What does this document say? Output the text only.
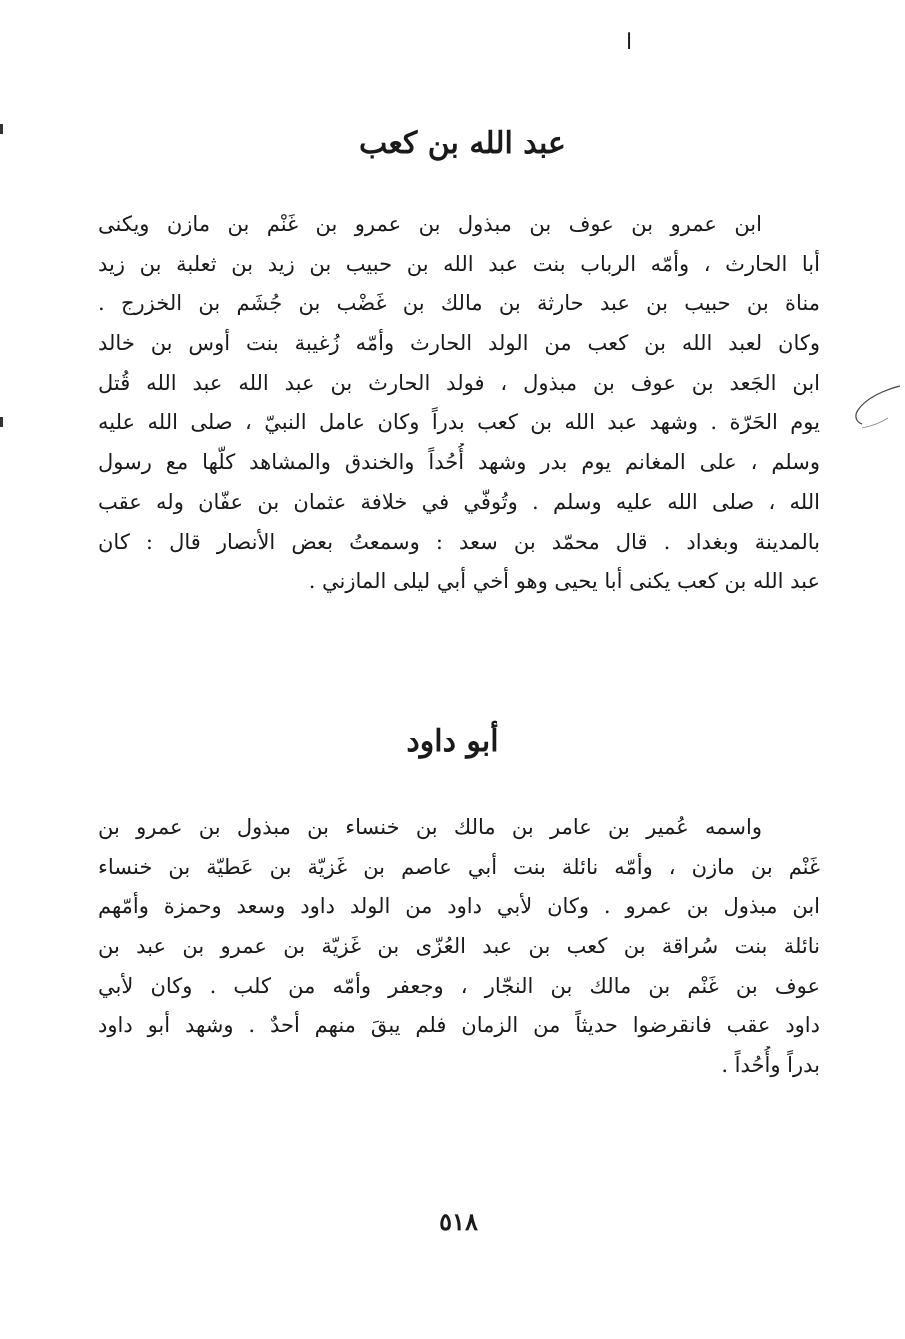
ا
عبد الله بن كعب
ابن عمرو بن عوف بن مبذول بن عمرو بن غَنْم بن مازن ويكنى
أبا الحارث ، وأمّه الرباب بنت عبد الله بن حبيب بن زيد بن ثعلبة بن زيد
مناة بن حبيب بن عبد حارثة بن مالك بن غَضْب بن جُشَم بن الخزرج .
وكان لعبد الله بن كعب من الولد الحارث وأمّه زُغيبة بنت أوس بن خالد
ابن الجَعد بن عوف بن مبذول ، فولد الحارث بن عبد الله عبد الله قُتل
يوم الحَرّة . وشهد عبد الله بن كعب بدراً وكان عامل النبيّ ، صلى الله عليه
وسلم ، على المغانم يوم بدر وشهد أُحُداً والخندق والمشاهد كلّها مع رسول
الله ، صلى الله عليه وسلم . وتُوفّي في خلافة عثمان بن عفّان وله عقب
بالمدينة وبغداد . قال محمّد بن سعد : وسمعتُ بعض الأنصار قال : كان
عبد الله بن كعب يكنى أبا يحيى وهو أخي أبي ليلى المازني .
أبو داود
واسمه عُمير بن عامر بن مالك بن خنساء بن مبذول بن عمرو بن
غَنْم بن مازن ، وأمّه نائلة بنت أبي عاصم بن غَزيّة بن عَطيّة بن خنساء
ابن مبذول بن عمرو . وكان لأبي داود من الولد داود وسعد وحمزة وأمّهم
نائلة بنت سُراقة بن كعب بن عبد العُزّى بن غَزيّة بن عمرو بن عبد بن
عوف بن غَنْم بن مالك بن النجّار ، وجعفر وأمّه من كلب . وكان لأبي
داود عقب فانقرضوا حديثاً من الزمان فلم يبقَ منهم أحدٌ . وشهد أبو داود
بدراً وأُحُداً .
٥١٨
